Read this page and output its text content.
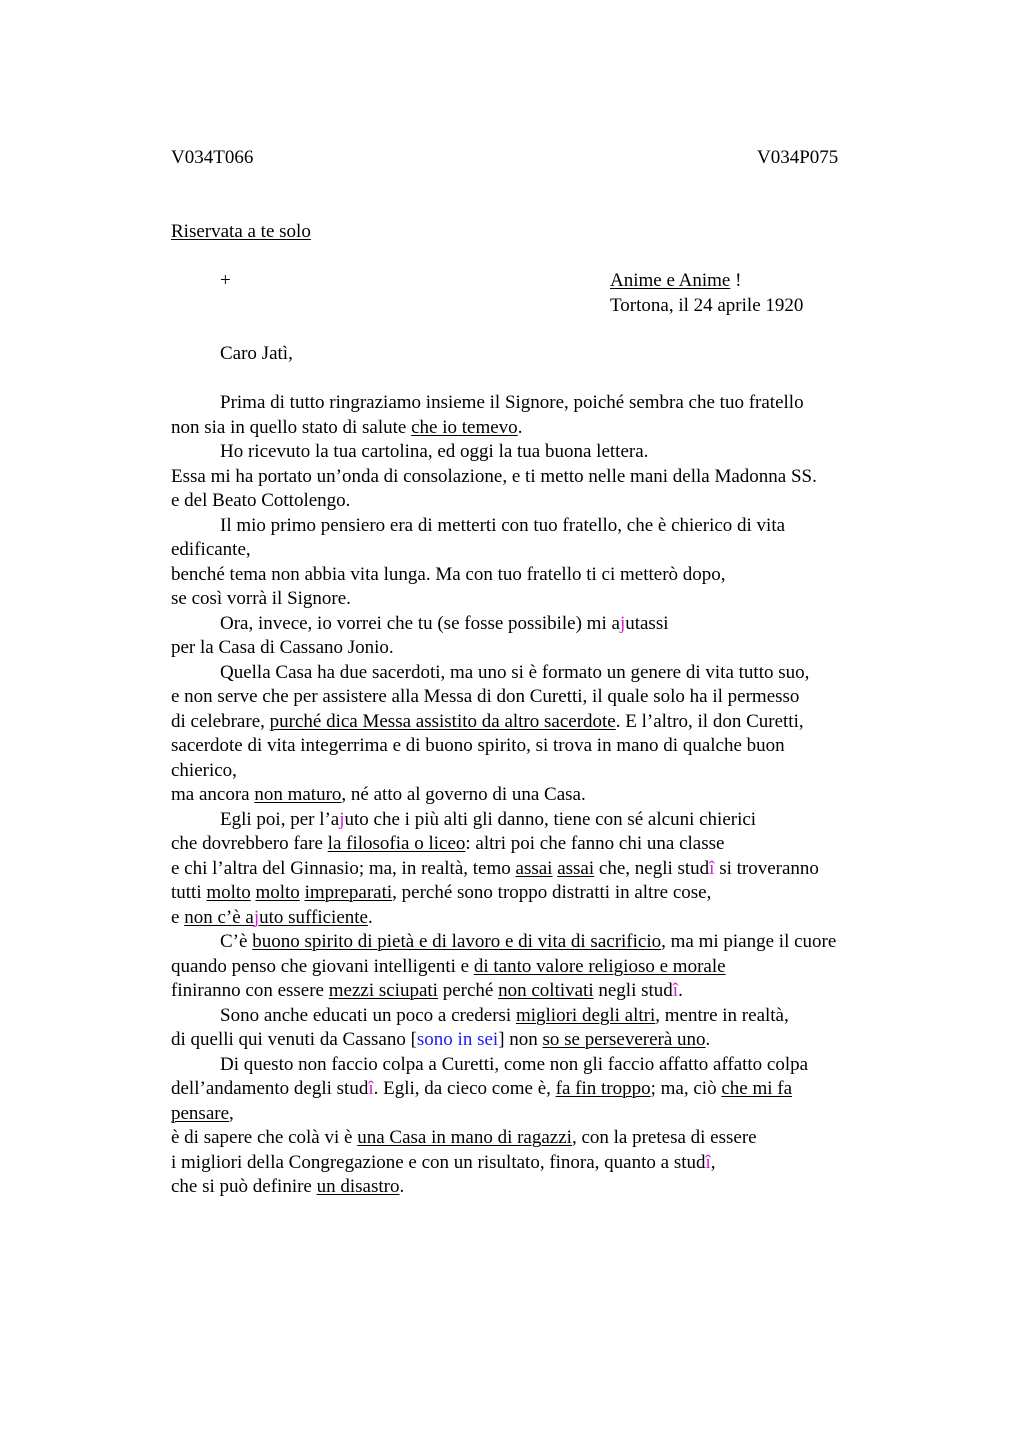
V034T066	V034P075
Riservata a te solo
+	Anime e Anime !
Tortona, il 24 aprile 1920
Caro Jatì,
Prima di tutto ringraziamo insieme il Signore, poiché sembra che tuo fratello
non sia in quello stato di salute che io temevo.
Ho ricevuto la tua cartolina, ed oggi la tua buona lettera.
Essa mi ha portato un’onda di consolazione, e ti metto nelle mani della Madonna SS.
e del Beato Cottolengo.
Il mio primo pensiero era di metterti con tuo fratello, che è chierico di vita
edificante,
benché tema non abbia vita lunga. Ma con tuo fratello ti ci metterò dopo,
se così vorrà il Signore.
Ora, invece, io vorrei che tu (se fosse possibile) mi ajutassi
per la Casa di Cassano Jonio.
Quella Casa ha due sacerdoti, ma uno si è formato un genere di vita tutto suo,
e non serve che per assistere alla Messa di don Curetti, il quale solo ha il permesso
di celebrare, purché dica Messa assistito da altro sacerdote. E l’altro, il don Curetti,
sacerdote di vita integerrima e di buono spirito, si trova in mano di qualche buon
chierico,
ma ancora non maturo, né atto al governo di una Casa.
Egli poi, per l’ajuto che i più alti gli danno, tiene con sé alcuni chierici
che dovrebbero fare la filosofia o liceo: altri poi che fanno chi una classe
e chi l’altra del Ginnasio; ma, in realtà, temo assai assai che, negli studî si troveranno
tutti molto molto impreparati, perché sono troppo distratti in altre cose,
e non c’è ajuto sufficiente.
C’è buono spirito di pietà e di lavoro e di vita di sacrificio, ma mi piange il cuore
quando penso che giovani intelligenti e di tanto valore religioso e morale
finiranno con essere mezzi sciupati perché non coltivati negli studî.
Sono anche educati un poco a credersi migliori degli altri, mentre in realtà,
di quelli qui venuti da Cassano [sono in sei] non so se persevererà uno.
Di questo non faccio colpa a Curetti, come non gli faccio affatto affatto colpa
dell’andamento degli studî. Egli, da cieco come è, fa fin troppo; ma, ciò che mi fa
pensare,
è di sapere che colà vi è una Casa in mano di ragazzi, con la pretesa di essere
i migliori della Congregazione e con un risultato, finora, quanto a studî,
che si può definire un disastro.
